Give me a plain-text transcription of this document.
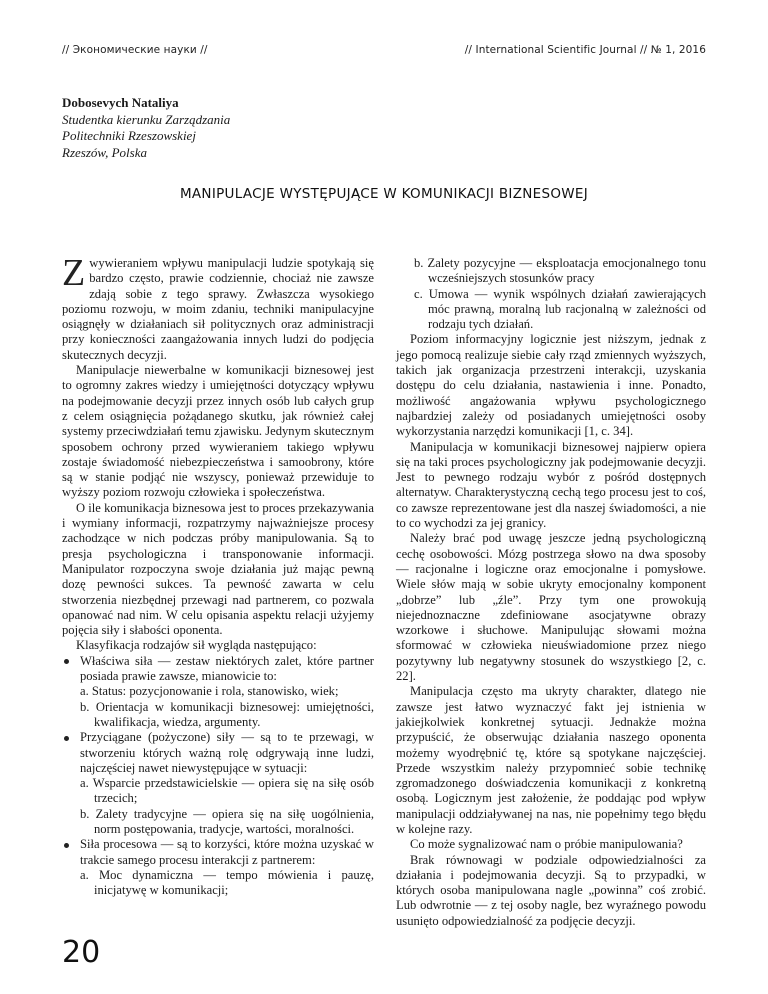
// Экономические науки //	// International Scientific Journal // № 1, 2016
Dobosevych Nataliya
Studentka kierunku Zarządzania
Politechniki Rzeszowskiej
Rzeszów, Polska
MANIPULACJE WYSTĘPUJĄCE W KOMUNIKACJI BIZNESOWEJ

Zwywieraniem wpływu manipulacji ludzie spotykają się bardzo często, prawie codziennie, chociaż nie zawsze zdają sobie z tego sprawy. Zwłaszcza wysokiego poziomu rozwoju, w moim zdaniu, techniki manipulacyjne osiągnęły w działaniach sił politycznych oraz administracji przy konieczności zaangażowania innych ludzi do podjęcia skutecznych decyzji.

Manipulacje niewerbalne w komunikacji biznesowej jest to ogromny zakres wiedzy i umiejętności dotyczący wpływu na podejmowanie decyzji przez innych osób lub całych grup z celem osiągnięcia pożądanego skutku, jak również całej systemy przeciwdziałań temu zjawisku. Jedynym skutecznym sposobem ochrony przed wywieraniem takiego wpływu zostaje świadomość niebezpieczeństwa i samoobrony, które są w stanie podjąć nie wszyscy, ponieważ przewiduje to wyższy poziom rozwoju człowieka i społeczeństwa.

O ile komunikacja biznesowa jest to proces przekazywania i wymiany informacji, rozpatrzymy najważniejsze procesy zachodzące w nich podczas próby manipulowania. Są to presja psychologiczna i transponowanie informacji. Manipulator rozpoczyna swoje działania już mając pewną dozę pewności sukces. Ta pewność zawarta w celu stworzenia niezbędnej przewagi nad partnerem, co pozwala opanować nad nim. W celu opisania aspektu relacji użyjemy pojęcia siły i słabości oponenta.

Klasyfikacja rodzajów sił wygląda następująco:

Właściwa siła — zestaw niektórych zalet, które partner posiada prawie zawsze, mianowicie to:
a. Status: pozycjonowanie i rola, stanowisko, wiek;
b. Orientacja w komunikacji biznesowej: umiejętności, kwalifikacja, wiedza, argumenty.
Przyciągane (pożyczone) siły — są to te przewagi, w stworzeniu których ważną rolę odgrywają inne ludzi, najczęściej nawet niewystępujące w sytuacji:
a. Wsparcie przedstawicielskie — opiera się na siłę osób trzecich;
b. Zalety tradycyjne — opiera się na siłę uogólnienia, norm postępowania, tradycje, wartości, moralności.
Siła procesowa — są to korzyści, które można uzyskać w trakcie samego procesu interakcji z partnerem:
a. Moc dynamiczna — tempo mówienia i pauzę, inicjatywę w komunikacji;
b. Zalety pozycyjne — eksploatacja emocjonalnego tonu wcześniejszych stosunków pracy
c. Umowa — wynik wspólnych działań zawierających móc prawną, moralną lub racjonalną w zależności od rodzaju tych działań.

Poziom informacyjny logicznie jest niższym, jednak z jego pomocą realizuje siebie cały rząd zmiennych wyższych, takich jak organizacja przestrzeni interakcji, uzyskania dostępu do celu działania, nastawienia i inne. Ponadto, możliwość angażowania wpływu psychologicznego najbardziej zależy od posiadanych umiejętności osoby wykorzystania narzędzi komunikacji [1, c. 34].

Manipulacja w komunikacji biznesowej najpierw opiera się na taki proces psychologiczny jak podejmowanie decyzji. Jest to pewnego rodzaju wybór z pośród dostępnych alternatyw. Charakterystyczną cechą tego procesu jest to coś, co zawsze reprezentowane jest dla naszej świadomości, a nie to co wychodzi za jej granicy.

Należy brać pod uwagę jeszcze jedną psychologiczną cechę osobowości. Mózg postrzega słowo na dwa sposoby — racjonalne i logiczne oraz emocjonalne i pomysłowe. Wiele słów mają w sobie ukryty emocjonalny komponent „dobrze” lub „źle”. Przy tym one prowokują niejednoznaczne zdefiniowane asocjatywne obrazy wzorkowe i słuchowe. Manipulując słowami można sformować w człowieka nieuświadomione przez niego pozytywny lub negatywny stosunek do wszystkiego [2, c. 22].

Manipulacja często ma ukryty charakter, dlatego nie zawsze jest łatwo wyznaczyć fakt jej istnienia w jakiejkolwiek konkretnej sytuacji. Jednakże można przypuścić, że obserwując działania naszego oponenta możemy wyodrębnić tę, które są spotykane najczęściej. Przede wszystkim należy przypomnieć sobie technikę zgromadzonego doświadczenia komunikacji z konkretną osobą. Logicznym jest założenie, że poddając pod wpływ manipulacji oddziaływanej na nas, nie popełnimy tego błędu w kolejne razy.

Co może sygnalizować nam o próbie manipulowania?

Brak równowagi w podziale odpowiedzialności za działania i podejmowania decyzji. Są to przypadki, w których osoba manipulowana nagle „powinna” coś zrobić. Lub odwrotnie — z tej osoby nagle, bez wyraźnego powodu usunięto odpowiedzialność za podjęcie decyzji.

20
